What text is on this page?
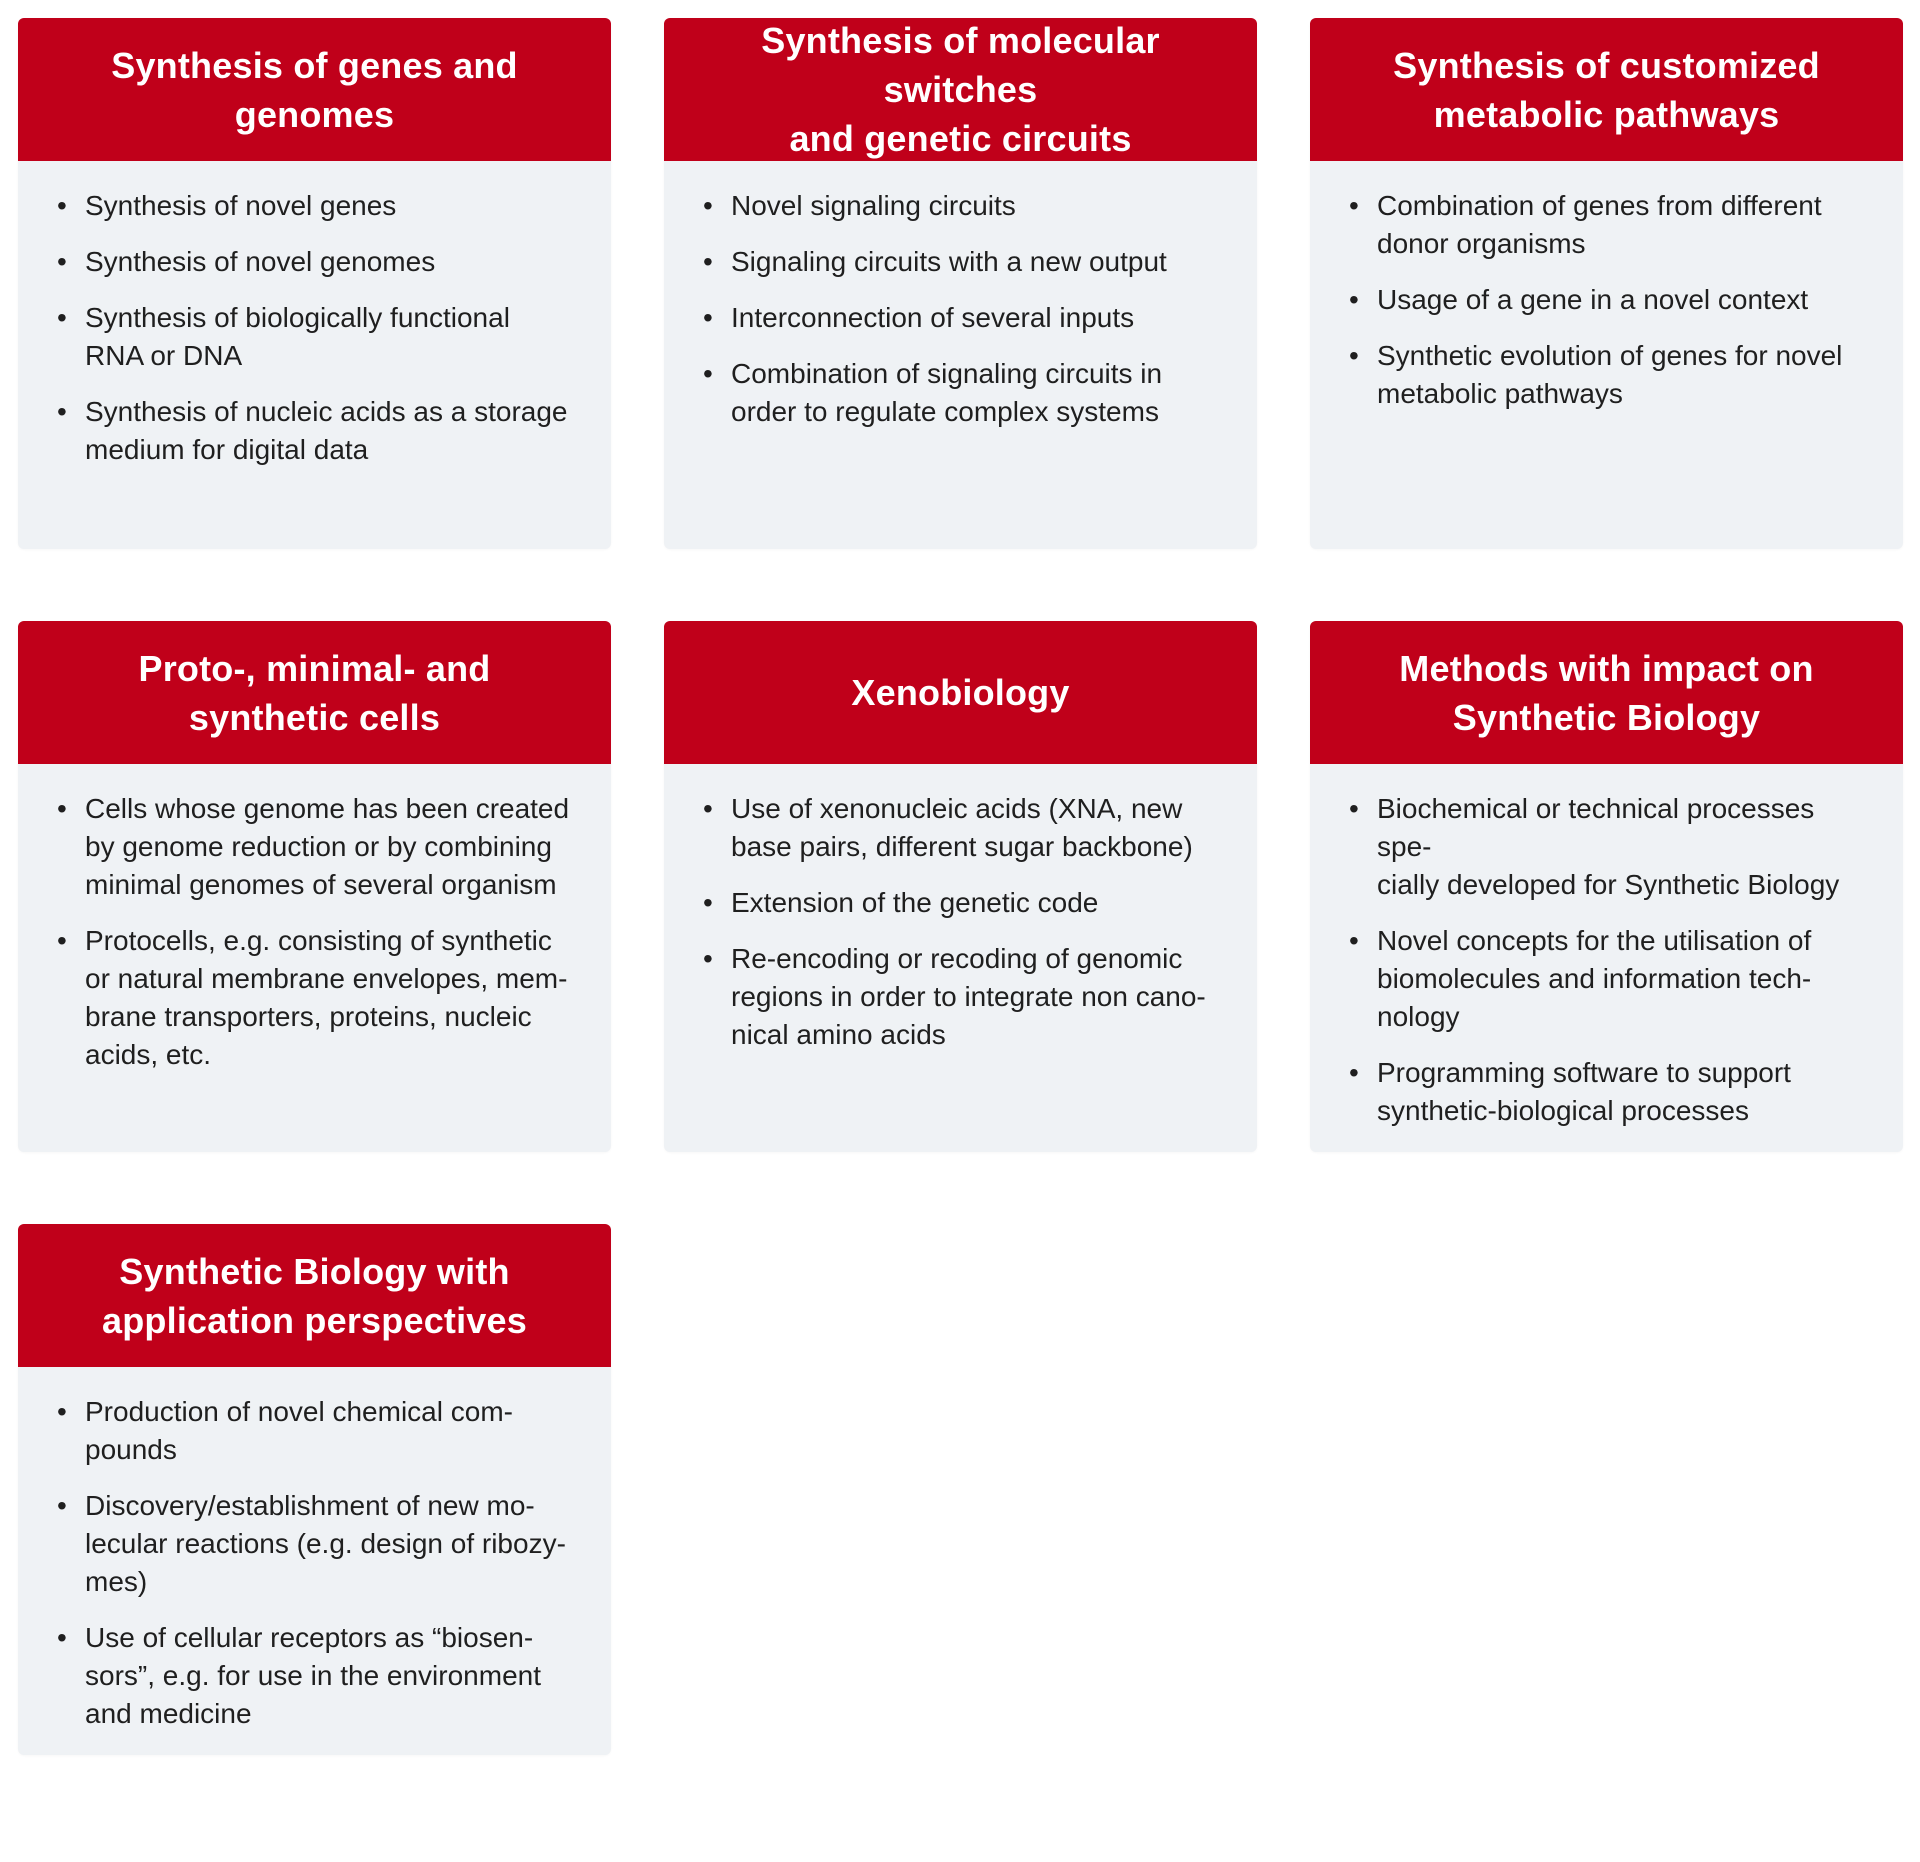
Synthesis of genes and genomes
• Synthesis of novel genes
• Synthesis of novel genomes
• Synthesis of biologically functional
RNA or DNA
• Synthesis of nucleic acids as a storage
medium for digital data
Synthesis of molecular switches
and genetic circuits
• Novel signaling circuits
• Signaling circuits with a new output
• Interconnection of several inputs
• Combination of signaling circuits in
order to regulate complex systems
Synthesis of customized
metabolic pathways
• Combination of genes from different
donor organisms
• Usage of a gene in a novel context
• Synthetic evolution of genes for novel
metabolic pathways
Proto-, minimal- and
synthetic cells
• Cells whose genome has been created
by genome reduction or by combining
minimal genomes of several organism
• Protocells, e.g. consisting of synthetic
or natural membrane envelopes, mem-
brane transporters, proteins, nucleic
acids, etc.
Xenobiology
• Use of xenonucleic acids (XNA, new
base pairs, different sugar backbone)
• Extension of the genetic code
• Re-encoding or recoding of genomic
regions in order to integrate non cano-
nical amino acids
Methods with impact on
Synthetic Biology
• Biochemical or technical processes spe-
cially developed for Synthetic Biology
• Novel concepts for the utilisation of
biomolecules and information tech-
nology
• Programming software to support
synthetic-biological processes
Synthetic Biology with
application perspectives
• Production of novel chemical com-
pounds
• Discovery/establishment of new mo-
lecular reactions (e.g. design of ribozy-
mes)
• Use of cellular receptors as “biosen-
sors”, e.g. for use in the environment
and medicine
